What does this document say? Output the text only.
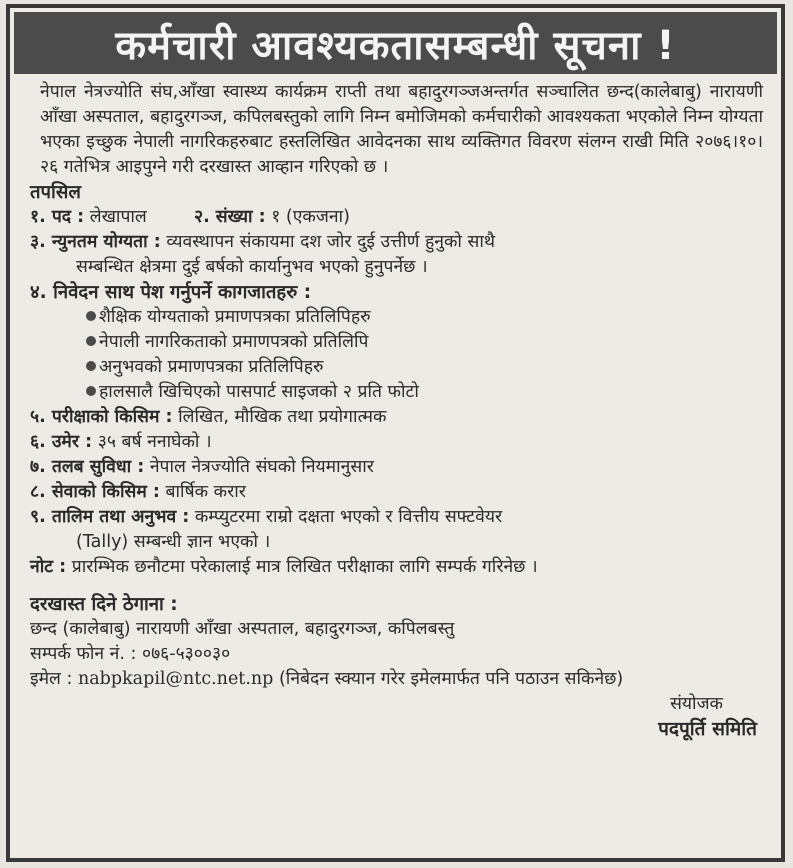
कर्मचारी आवश्यकतासम्बन्धी सूचना !
नेपाल नेत्रज्योति संघ,आँखा स्वास्थ्य कार्यक्रम राप्ती तथा बहादुरगञ्जअन्तर्गत सञ्चालित छन्द(कालेबाबु) नारायणी आँखा अस्पताल, बहादुरगञ्ज, कपिलबस्तुको लागि निम्न बमोजिमको कर्मचारीको आवश्यकता भएकोले निम्न योग्यता भएका इच्छुक नेपाली नागरिकहरुबाट हस्तलिखित आवेदनका साथ व्यक्तिगत विवरण संलग्न राखी मिति २०७६।१०।२६ गतेभित्र आइपुग्ने गरी दरखास्त आव्हान गरिएको छ ।
तपसिल
१. पद : लेखापाल	२. संख्या : १ (एकजना)
३. न्युनतम योग्यता : व्यवस्थापन संकायमा दश जोर दुई उत्तीर्ण हुनुको साथै
सम्बन्धित क्षेत्रमा दुई बर्षको कार्यानुभव भएको हुनुपर्नेछ ।
४. निवेदन साथ पेश गर्नुपर्ने कागजातहरु :
शैक्षिक योग्यताको प्रमाणपत्रका प्रतिलिपिहरु
नेपाली नागरिकताको प्रमाणपत्रको प्रतिलिपि
अनुभवको प्रमाणपत्रका प्रतिलिपिहरु
हालसालै खिचिएको पासपार्ट साइजको २ प्रति फोटो
५. परीक्षाको किसिम : लिखित, मौखिक तथा प्रयोगात्मक
६. उमेर : ३५ बर्ष ननाघेको ।
७. तलब सुविधा : नेपाल नेत्रज्योति संघको नियमानुसार
८. सेवाको किसिम : बार्षिक करार
९. तालिम तथा अनुभव : कम्प्युटरमा राम्रो दक्षता भएको र वित्तीय सफ्टवेयर
(Tally) सम्बन्धी ज्ञान भएको ।
नोट : प्रारम्भिक छनौटमा परेकालाई मात्र लिखित परीक्षाका लागि सम्पर्क गरिनेछ ।
दरखास्त दिने ठेगाना :
छन्द (कालेबाबु) नारायणी आँखा अस्पताल, बहादुरगञ्ज, कपिलबस्तु
सम्पर्क फोन नं. : ०७६-५३००३०
इमेल : nabpkapil@ntc.net.np (निबेदन स्क्यान गरेर इमेलमार्फत पनि पठाउन सकिनेछ)
संयोजक
पदपूर्ति समिति
